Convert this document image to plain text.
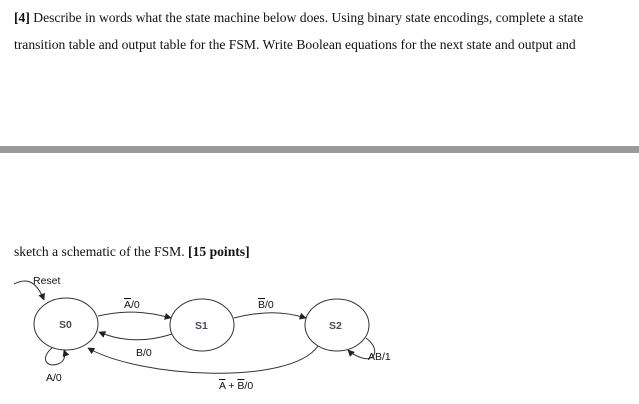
[4] Describe in words what the state machine below does. Using binary state encodings, complete a state

transition table and output table for the FSM. Write Boolean equations for the next state and output and

sketch a schematic of the FSM. [15 points]

Reset
S0	S1	S2
A/0
B/0
B/0
A/0
AB/1
A + B/0
